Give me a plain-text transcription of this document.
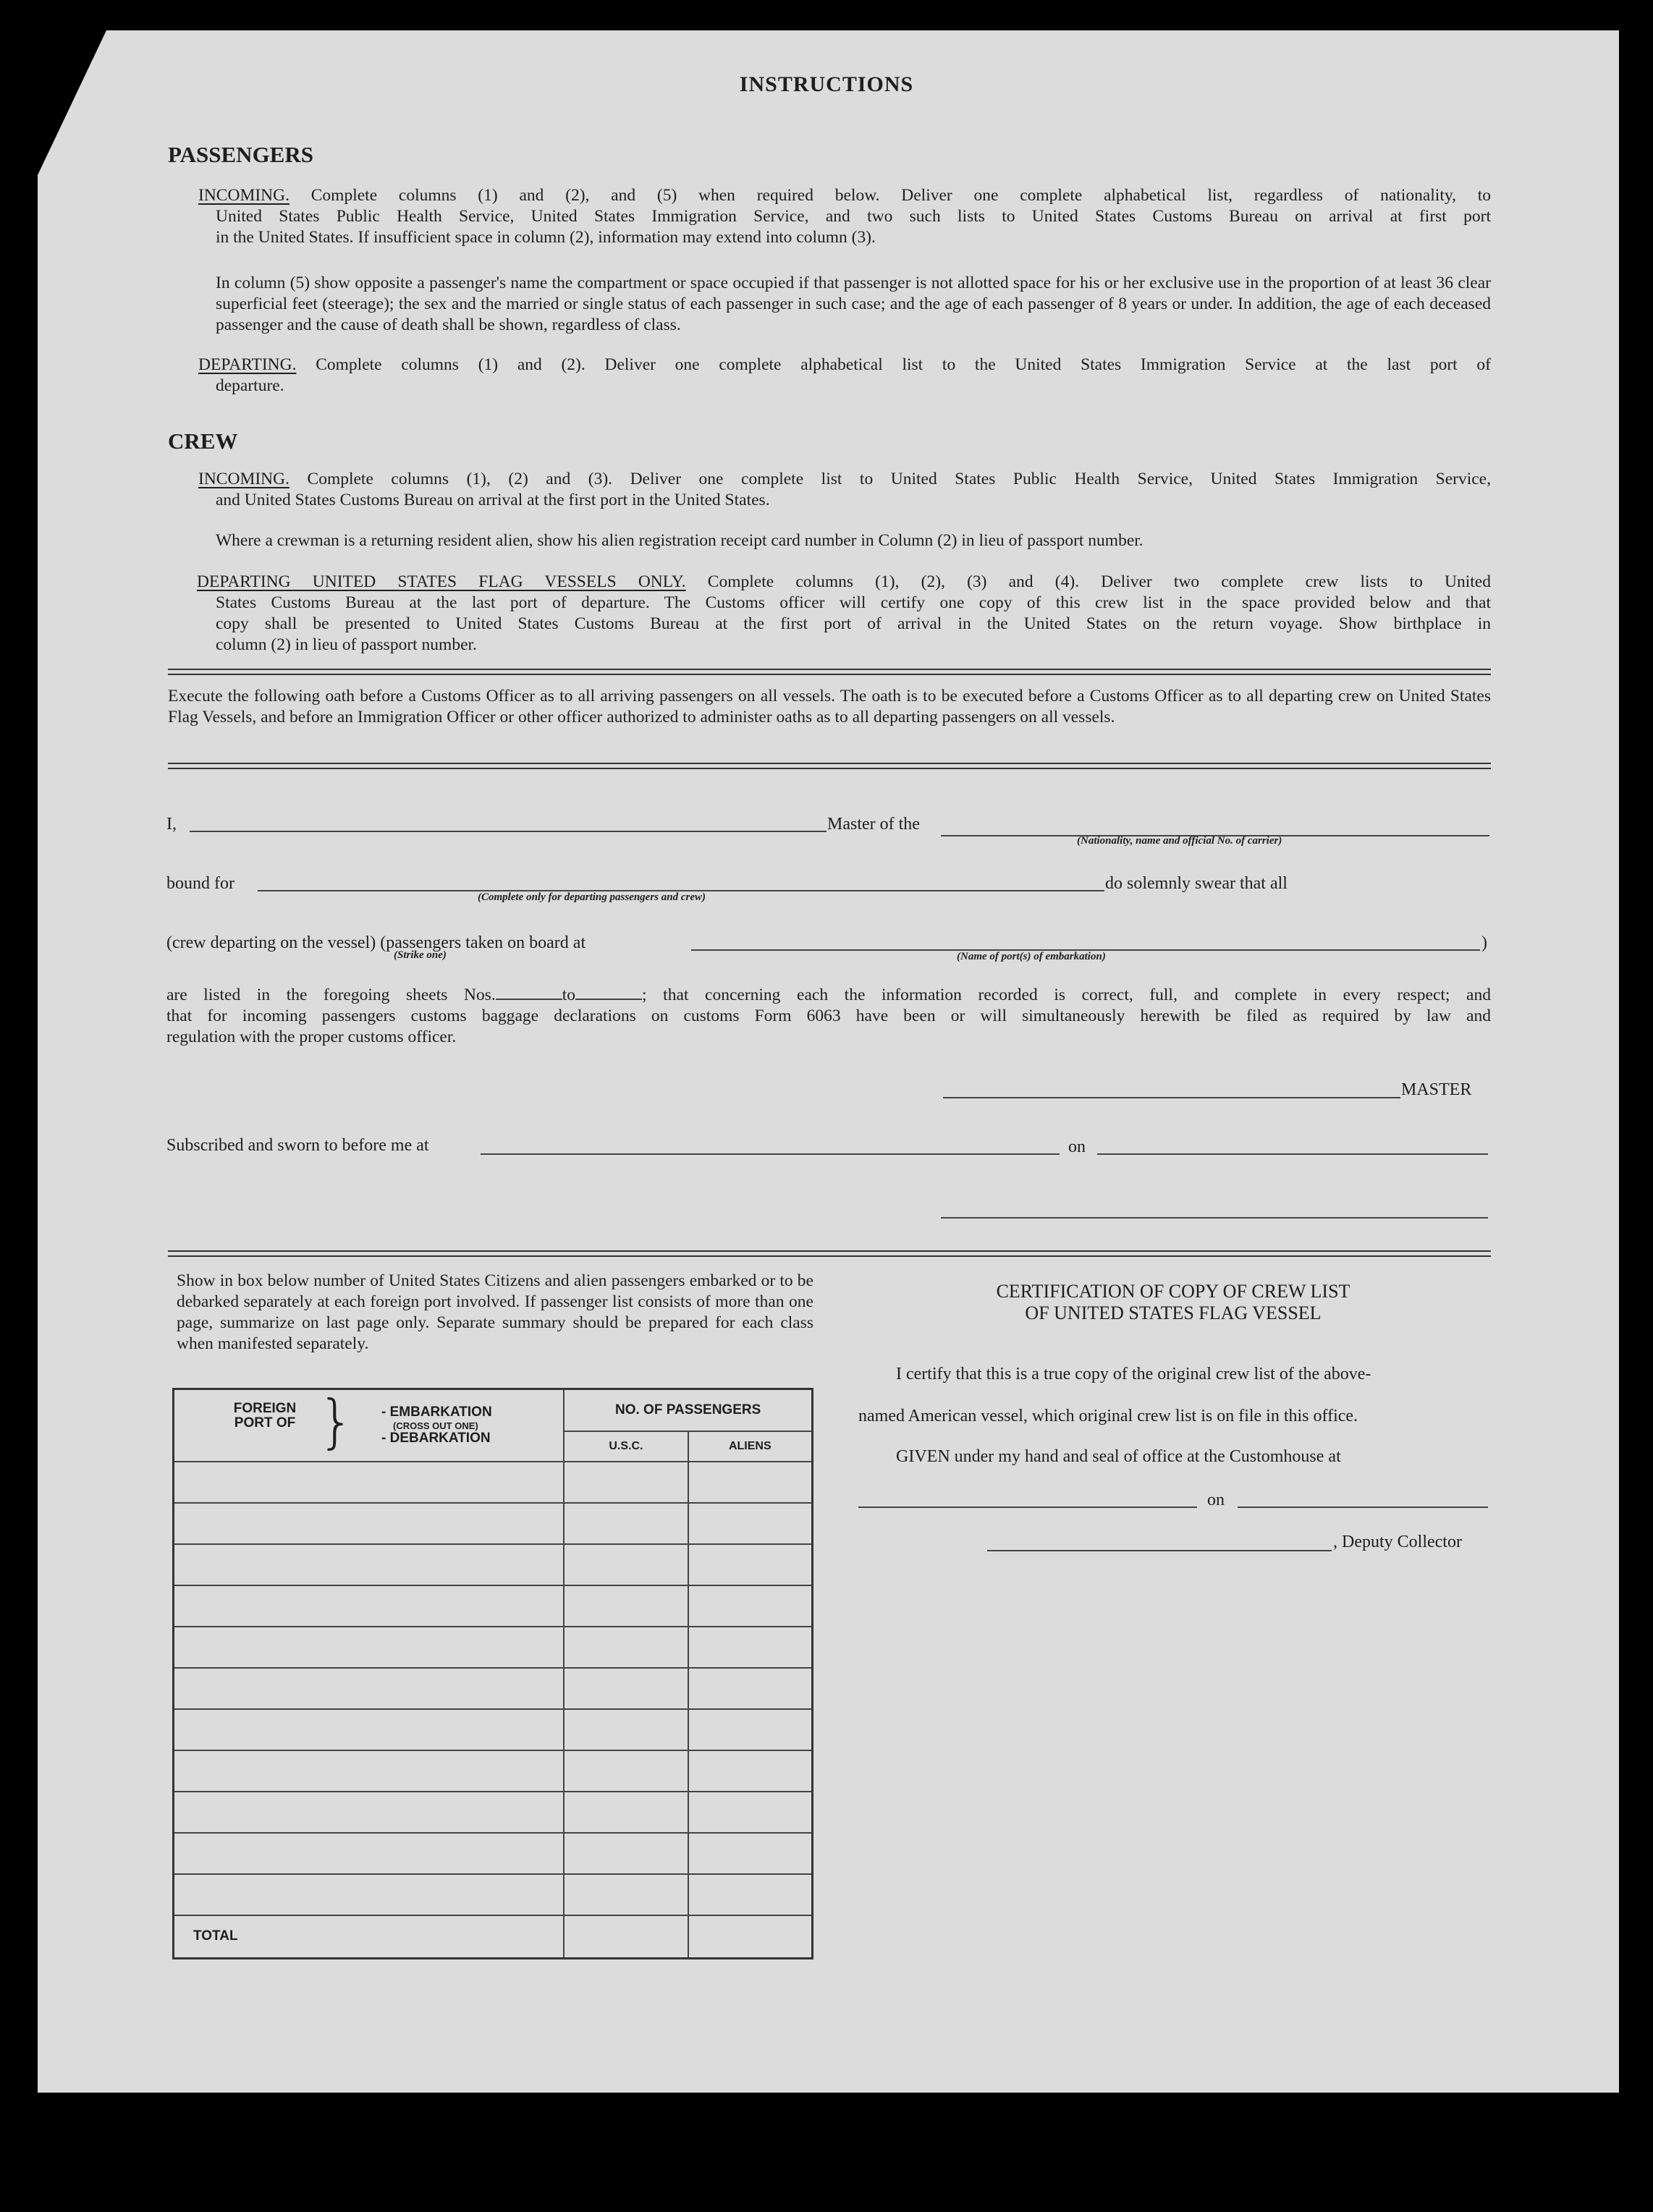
INSTRUCTIONS
PASSENGERS
INCOMING. Complete columns (1) and (2), and (5) when required below. Deliver one complete alphabetical list, regardless of nationality, to
United States Public Health Service, United States Immigration Service, and two such lists to United States Customs Bureau on arrival at first port
in the United States. If insufficient space in column (2), information may extend into column (3).
In column (5) show opposite a passenger's name the compartment or space occupied if that passenger is not allotted space for his or her exclusive use in the proportion of at least 36 clear superficial feet (steerage); the sex and the married or single status of each passenger in such case; and the age of each passenger of 8 years or under. In addition, the age of each deceased passenger and the cause of death shall be shown, regardless of class.
DEPARTING. Complete columns (1) and (2). Deliver one complete alphabetical list to the United States Immigration Service at the last port of
departure.
CREW
INCOMING. Complete columns (1), (2) and (3). Deliver one complete list to United States Public Health Service, United States Immigration Service,
and United States Customs Bureau on arrival at the first port in the United States.
Where a crewman is a returning resident alien, show his alien registration receipt card number in Column (2) in lieu of passport number.
DEPARTING UNITED STATES FLAG VESSELS ONLY. Complete columns (1), (2), (3) and (4). Deliver two complete crew lists to United
States Customs Bureau at the last port of departure. The Customs officer will certify one copy of this crew list in the space provided below and that
copy shall be presented to United States Customs Bureau at the first port of arrival in the United States on the return voyage. Show birthplace in
column (2) in lieu of passport number.
Execute the following oath before a Customs Officer as to all arriving passengers on all vessels. The oath is to be executed before a Customs Officer as to all departing crew on United States Flag Vessels, and before an Immigration Officer or other officer authorized to administer oaths as to all departing passengers on all vessels.
I,	Master of the
(Nationality, name and official No. of carrier)
bound for
(Complete only for departing passengers and crew)
do solemnly swear that all
(crew departing on the vessel) (passengers taken on board at	)
(Strike one)	(Name of port(s) of embarkation)
are listed in the foregoing sheets Nos.	to	; that concerning each the information recorded is correct, full, and complete in every respect; and
that for incoming passengers customs baggage declarations on customs Form 6063 have been or will simultaneously herewith be filed as required by law and
regulation with the proper customs officer.
MASTER
Subscribed and sworn to before me at	on
Show in box below number of United States Citizens and alien passengers embarked or to be debarked separately at each foreign port involved. If passenger list consists of more than one page, summarize on last page only. Separate summary should be prepared for each class when manifested separately.
FOREIGN PORT OF } - EMBARKATION
(CROSS OUT ONE)
- DEBARKATION	NO. OF PASSENGERS	
	U.S.C.	ALIENS

TOTAL		
CERTIFICATION OF COPY OF CREW LIST
OF UNITED STATES FLAG VESSEL
I certify that this is a true copy of the original crew list of the above-
named American vessel, which original crew list is on file in this office.
GIVEN under my hand and seal of office at the Customhouse at
on
, Deputy Collector
